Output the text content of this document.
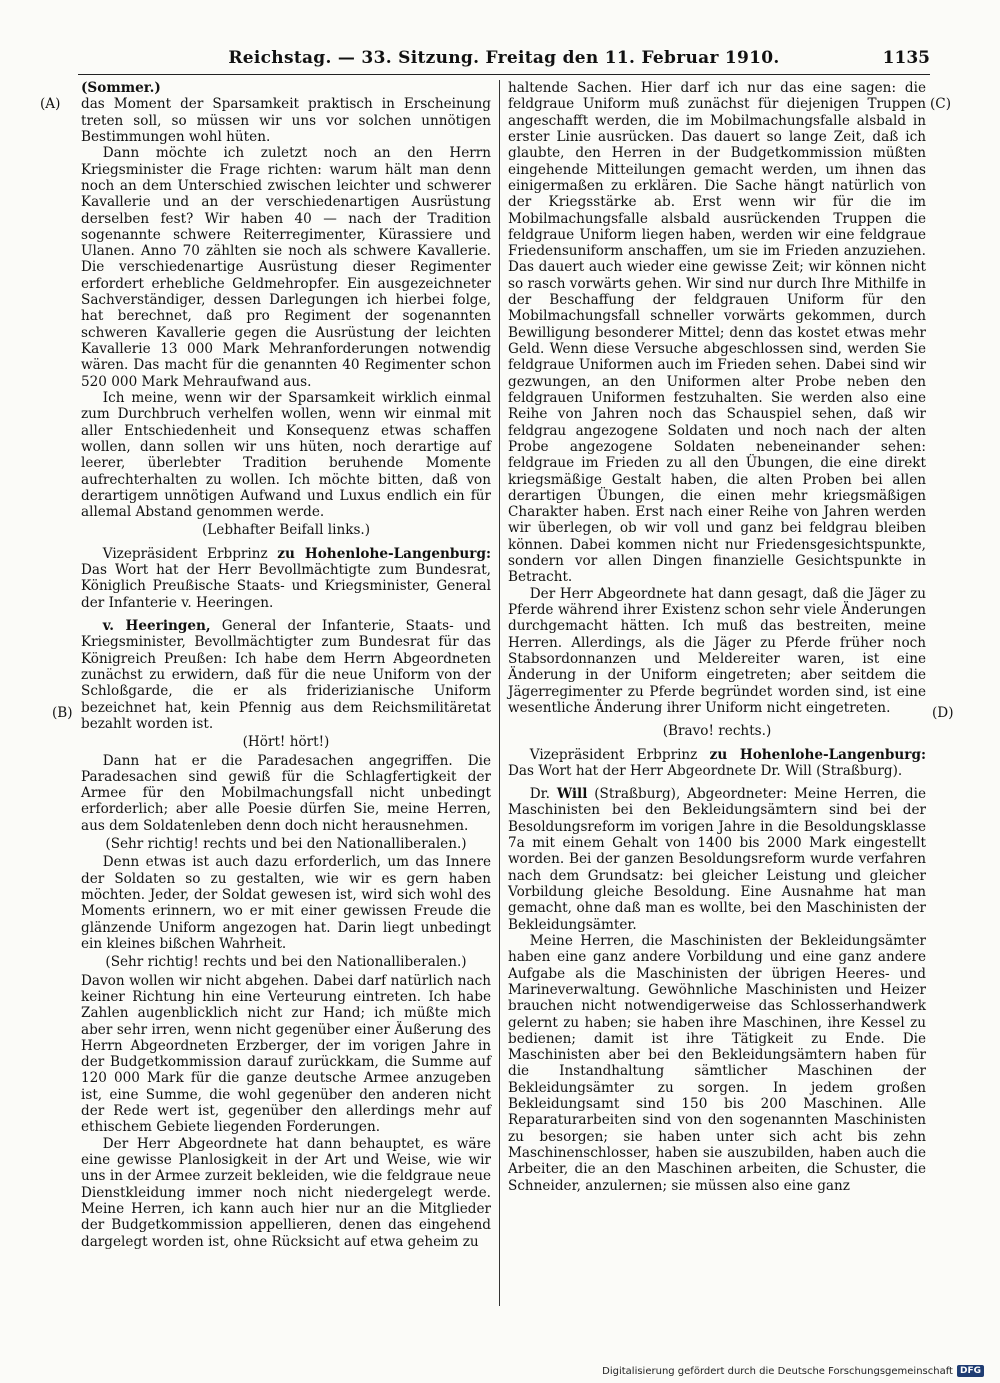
Reichstag. — 33. Sitzung. Freitag den 11. Februar 1910.	1135
(A)
(B)
(C)
(D)

(Sommer.)

das Moment der Sparsamkeit praktisch in Erscheinung treten soll, so müssen wir uns vor solchen unnötigen Bestimmungen wohl hüten.

Dann möchte ich zuletzt noch an den Herrn Kriegsminister die Frage richten: warum hält man denn noch an dem Unterschied zwischen leichter und schwerer Kavallerie und an der verschiedenartigen Ausrüstung derselben fest? Wir haben 40 — nach der Tradition sogenannte schwere Reiterregimenter, Kürassiere und Ulanen. Anno 70 zählten sie noch als schwere Kavallerie. Die verschiedenartige Ausrüstung dieser Regimenter erfordert erhebliche Geldmehropfer. Ein ausgezeichneter Sachverständiger, dessen Darlegungen ich hierbei folge, hat berechnet, daß pro Regiment der sogenannten schweren Kavallerie gegen die Ausrüstung der leichten Kavallerie 13 000 Mark Mehranforderungen notwendig wären. Das macht für die genannten 40 Regimenter schon 520 000 Mark Mehraufwand aus.

Ich meine, wenn wir der Sparsamkeit wirklich einmal zum Durchbruch verhelfen wollen, wenn wir einmal mit aller Entschiedenheit und Konsequenz etwas schaffen wollen, dann sollen wir uns hüten, noch derartige auf leerer, überlebter Tradition beruhende Momente aufrechterhalten zu wollen. Ich möchte bitten, daß von derartigem unnötigen Aufwand und Luxus endlich ein für allemal Abstand genommen werde.

(Lebhafter Beifall links.)

Vizepräsident Erbprinz zu Hohenlohe-Langenburg: Das Wort hat der Herr Bevollmächtigte zum Bundesrat, Königlich Preußische Staats- und Kriegsminister, General der Infanterie v. Heeringen.

v. Heeringen, General der Infanterie, Staats- und Kriegsminister, Bevollmächtigter zum Bundesrat für das Königreich Preußen: Ich habe dem Herrn Abgeordneten zunächst zu erwidern, daß für die neue Uniform von der Schloßgarde, die er als friderizianische Uniform bezeichnet hat, kein Pfennig aus dem Reichsmilitäretat bezahlt worden ist.

(Hört! hört!)

Dann hat er die Paradesachen angegriffen. Die Paradesachen sind gewiß für die Schlagfertigkeit der Armee für den Mobilmachungsfall nicht unbedingt erforderlich; aber alle Poesie dürfen Sie, meine Herren, aus dem Soldatenleben denn doch nicht herausnehmen.

(Sehr richtig! rechts und bei den Nationalliberalen.)

Denn etwas ist auch dazu erforderlich, um das Innere der Soldaten so zu gestalten, wie wir es gern haben möchten. Jeder, der Soldat gewesen ist, wird sich wohl des Moments erinnern, wo er mit einer gewissen Freude die glänzende Uniform angezogen hat. Darin liegt unbedingt ein kleines bißchen Wahrheit.

(Sehr richtig! rechts und bei den Nationalliberalen.)

Davon wollen wir nicht abgehen. Dabei darf natürlich nach keiner Richtung hin eine Verteurung eintreten. Ich habe Zahlen augenblicklich nicht zur Hand; ich müßte mich aber sehr irren, wenn nicht gegenüber einer Äußerung des Herrn Abgeordneten Erzberger, der im vorigen Jahre in der Budgetkommission darauf zurückkam, die Summe auf 120 000 Mark für die ganze deutsche Armee anzugeben ist, eine Summe, die wohl gegenüber den anderen nicht der Rede wert ist, gegenüber den allerdings mehr auf ethischem Gebiete liegenden Forderungen.

Der Herr Abgeordnete hat dann behauptet, es wäre eine gewisse Planlosigkeit in der Art und Weise, wie wir uns in der Armee zurzeit bekleiden, wie die feldgraue neue Dienstkleidung immer noch nicht niedergelegt werde. Meine Herren, ich kann auch hier nur an die Mitglieder der Budgetkommission appellieren, denen das eingehend dargelegt worden ist, ohne Rücksicht auf etwa geheim zu

haltende Sachen. Hier darf ich nur das eine sagen: die feldgraue Uniform muß zunächst für diejenigen Truppen angeschafft werden, die im Mobilmachungsfalle alsbald in erster Linie ausrücken. Das dauert so lange Zeit, daß ich glaubte, den Herren in der Budgetkommission müßten eingehende Mitteilungen gemacht werden, um ihnen das einigermaßen zu erklären. Die Sache hängt natürlich von der Kriegsstärke ab. Erst wenn wir für die im Mobilmachungsfalle alsbald ausrückenden Truppen die feldgraue Uniform liegen haben, werden wir eine feldgraue Friedensuniform anschaffen, um sie im Frieden anzuziehen. Das dauert auch wieder eine gewisse Zeit; wir können nicht so rasch vorwärts gehen. Wir sind nur durch Ihre Mithilfe in der Beschaffung der feldgrauen Uniform für den Mobilmachungsfall schneller vorwärts gekommen, durch Bewilligung besonderer Mittel; denn das kostet etwas mehr Geld. Wenn diese Versuche abgeschlossen sind, werden Sie feldgraue Uniformen auch im Frieden sehen. Dabei sind wir gezwungen, an den Uniformen alter Probe neben den feldgrauen Uniformen festzuhalten. Sie werden also eine Reihe von Jahren noch das Schauspiel sehen, daß wir feldgrau angezogene Soldaten und noch nach der alten Probe angezogene Soldaten nebeneinander sehen: feldgraue im Frieden zu all den Übungen, die eine direkt kriegsmäßige Gestalt haben, die alten Proben bei allen derartigen Übungen, die einen mehr kriegsmäßigen Charakter haben. Erst nach einer Reihe von Jahren werden wir überlegen, ob wir voll und ganz bei feldgrau bleiben können. Dabei kommen nicht nur Friedensgesichtspunkte, sondern vor allen Dingen finanzielle Gesichtspunkte in Betracht.

Der Herr Abgeordnete hat dann gesagt, daß die Jäger zu Pferde während ihrer Existenz schon sehr viele Änderungen durchgemacht hätten. Ich muß das bestreiten, meine Herren. Allerdings, als die Jäger zu Pferde früher noch Stabsordonnanzen und Meldereiter waren, ist eine Änderung in der Uniform eingetreten; aber seitdem die Jägerregimenter zu Pferde begründet worden sind, ist eine wesentliche Änderung ihrer Uniform nicht eingetreten.

(Bravo! rechts.)

Vizepräsident Erbprinz zu Hohenlohe-Langenburg: Das Wort hat der Herr Abgeordnete Dr. Will (Straßburg).

Dr. Will (Straßburg), Abgeordneter: Meine Herren, die Maschinisten bei den Bekleidungsämtern sind bei der Besoldungsreform im vorigen Jahre in die Besoldungsklasse 7a mit einem Gehalt von 1400 bis 2000 Mark eingestellt worden. Bei der ganzen Besoldungsreform wurde verfahren nach dem Grundsatz: bei gleicher Leistung und gleicher Vorbildung gleiche Besoldung. Eine Ausnahme hat man gemacht, ohne daß man es wollte, bei den Maschinisten der Bekleidungsämter.

Meine Herren, die Maschinisten der Bekleidungsämter haben eine ganz andere Vorbildung und eine ganz andere Aufgabe als die Maschinisten der übrigen Heeres- und Marineverwaltung. Gewöhnliche Maschinisten und Heizer brauchen nicht notwendigerweise das Schlosserhandwerk gelernt zu haben; sie haben ihre Maschinen, ihre Kessel zu bedienen; damit ist ihre Tätigkeit zu Ende. Die Maschinisten aber bei den Bekleidungsämtern haben für die Instandhaltung sämtlicher Maschinen der Bekleidungsämter zu sorgen. In jedem großen Bekleidungsamt sind 150 bis 200 Maschinen. Alle Reparaturarbeiten sind von den sogenannten Maschinisten zu besorgen; sie haben unter sich acht bis zehn Maschinenschlosser, haben sie auszubilden, haben auch die Arbeiter, die an den Maschinen arbeiten, die Schuster, die Schneider, anzulernen; sie müssen also eine ganz

Digitalisierung gefördert durch die Deutsche Forschungsgemeinschaft DFG
